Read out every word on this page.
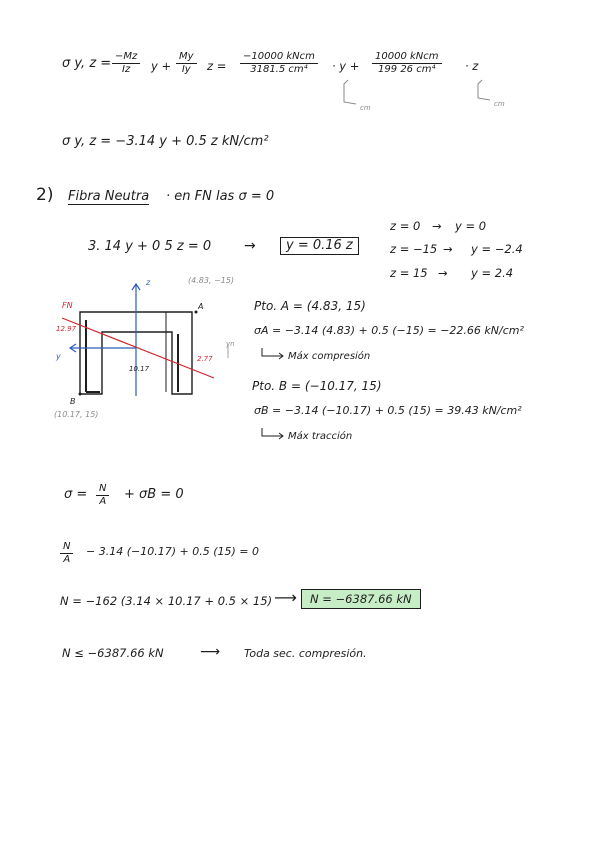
σ y, $z = \frac{-Mz}{Iz}$ $y + \frac{My}{Iy}$ z =
−10000 kNcm
3181.5 cm⁴	· y +
10000 kNcm
199 26 cm⁴	· z
cm	cm
σ y, z = −3.14 y + 0.5 z kN/cm²
2) Fibra Neutra · en FN las σ = 0
3. 14 y + 0 5 z = 0 →	y = 0.16 z
z = 0 → y = 0
z = −15 → y = −2.4
z = 15 → y = 2.4
z	(4.83, −15)
FN	A
12.97
y
10.17
2.77
yn
B
(10.17, 15)
Pto. A = (4.83, 15)
σA = −3.14 (4.83) + 0.5 (−15) = −22.66 kN/cm²
Máx compresión
Pto. B = (−10.17, 15)
σB = −3.14 (−10.17) + 0.5 (15) = 39.43 kN/cm²
Máx tracción
$\sigma = \frac{N}{A} + \sigma B = 0$
$\frac{N}{A} - 3.14$ (−10.17) + 0.5 (15) = 0
N = −162 (3.14 × 10.17 + 0.5 × 15) ⟶	N = −6387.66 kN
N ≤ −6387.66 kN	⟶ Toda sec. compresión.
